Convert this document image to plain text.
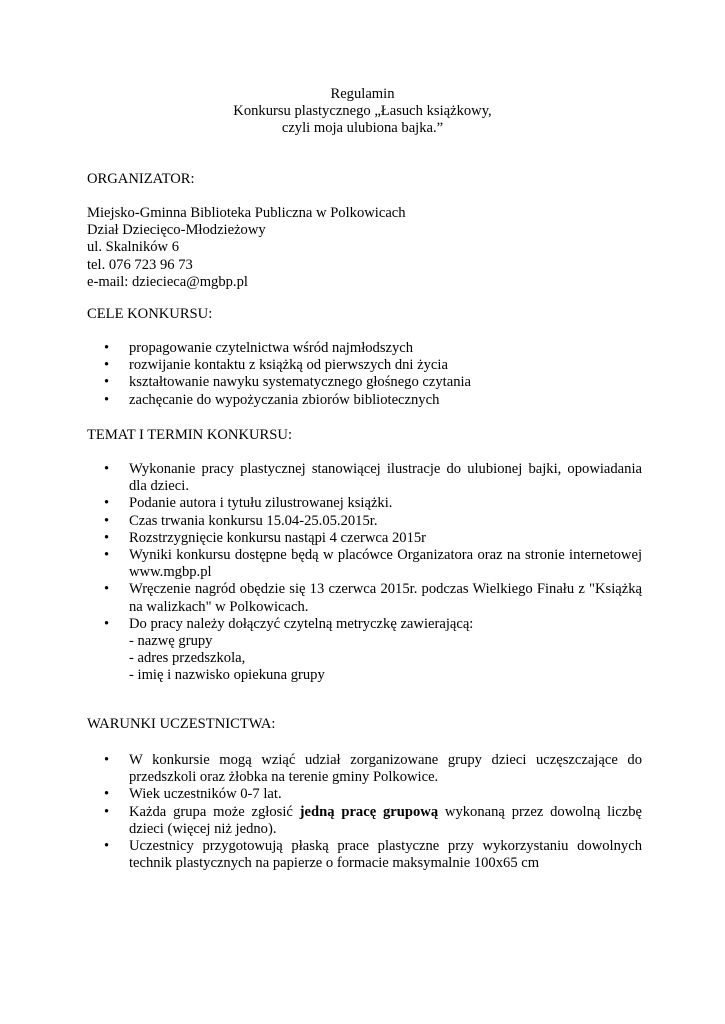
Regulamin
Konkursu plastycznego „Łasuch książkowy,
czyli moja ulubiona bajka.”
ORGANIZATOR:
Miejsko-Gminna Biblioteka Publiczna w Polkowicach
Dział Dziecięco-Młodzieżowy
ul. Skalników 6
tel. 076 723 96 73
e-mail: dziecieca@mgbp.pl
CELE KONKURSU:
• propagowanie czytelnictwa wśród najmłodszych
• rozwijanie kontaktu z książką od pierwszych dni życia
• kształtowanie nawyku systematycznego głośnego czytania
• zachęcanie do wypożyczania zbiorów bibliotecznych
TEMAT I TERMIN KONKURSU:
• Wykonanie pracy plastycznej stanowiącej ilustracje do ulubionej bajki, opowiadania dla dzieci.
• Podanie autora i tytułu zilustrowanej książki.
• Czas trwania konkursu 15.04-25.05.2015r.
• Rozstrzygnięcie konkursu nastąpi 4 czerwca 2015r
• Wyniki konkursu dostępne będą w placówce Organizatora oraz na stronie internetowej www.mgbp.pl
• Wręczenie nagród obędzie się 13 czerwca 2015r. podczas Wielkiego Finału z "Książką na walizkach" w Polkowicach.
• Do pracy należy dołączyć czytelną metryczkę zawierającą:
- nazwę grupy
- adres przedszkola,
- imię i nazwisko opiekuna grupy
WARUNKI UCZESTNICTWA:
• W konkursie mogą wziąć udział zorganizowane grupy dzieci uczęszczające do przedszkoli oraz żłobka na terenie gminy Polkowice.
• Wiek uczestników 0-7 lat.
• Każda grupa może zgłosić jedną pracę grupową wykonaną przez dowolną liczbę dzieci (więcej niż jedno).
• Uczestnicy przygotowują płaską prace plastyczne przy wykorzystaniu dowolnych technik plastycznych na papierze o formacie maksymalnie 100x65 cm
